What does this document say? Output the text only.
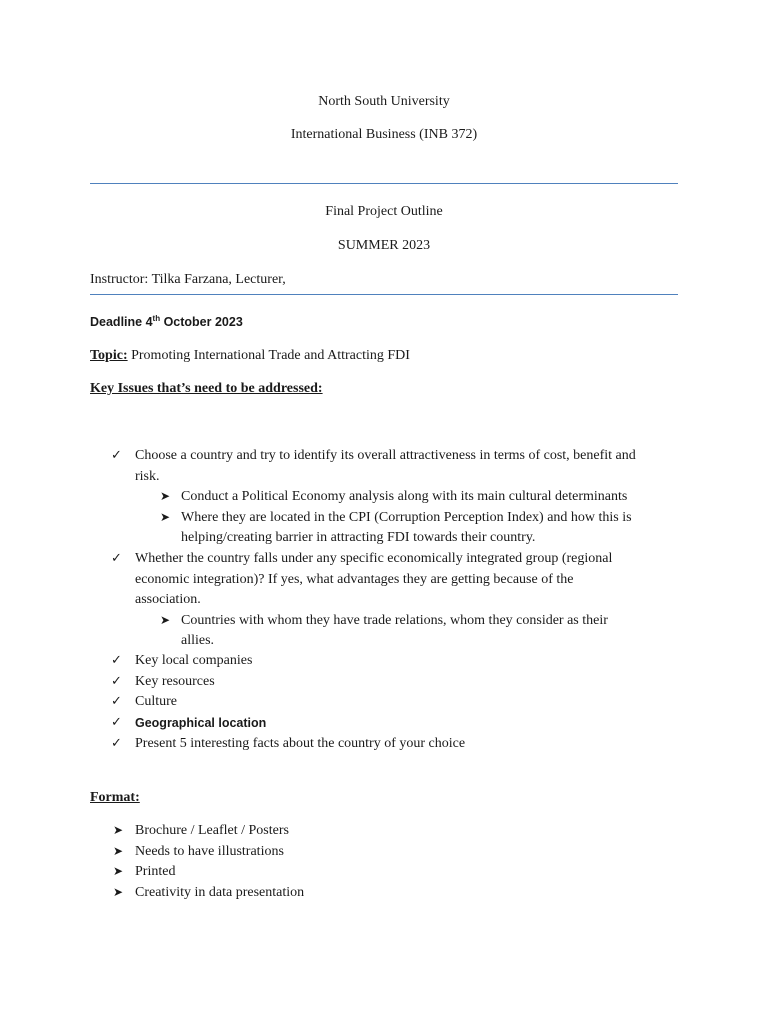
North South University
International Business (INB 372)
Final Project Outline
SUMMER 2023
Instructor: Tilka Farzana, Lecturer,
Deadline 4th October 2023
Topic: Promoting International Trade and Attracting FDI
Key Issues that’s need to be addressed:
✓ Choose a country and try to identify its overall attractiveness in terms of cost, benefit and
risk.
➤ Conduct a Political Economy analysis along with its main cultural determinants
➤ Where they are located in the CPI (Corruption Perception Index) and how this is
helping/creating barrier in attracting FDI towards their country.
✓ Whether the country falls under any specific economically integrated group (regional
economic integration)? If yes, what advantages they are getting because of the
association.
➤ Countries with whom they have trade relations, whom they consider as their
allies.
✓ Key local companies
✓ Key resources
✓ Culture
✓ Geographical location
✓ Present 5 interesting facts about the country of your choice
Format:
➤ Brochure / Leaflet / Posters
➤ Needs to have illustrations
➤ Printed
➤ Creativity in data presentation
